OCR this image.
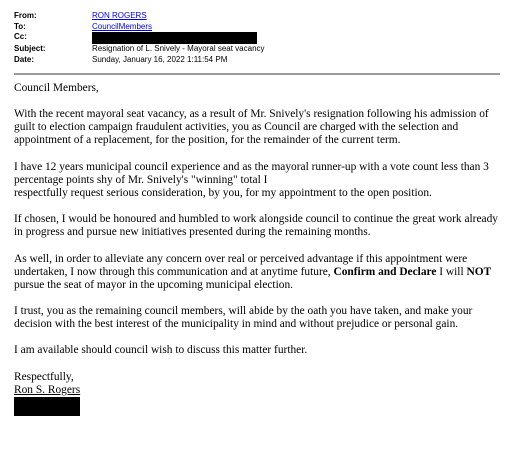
From:	RON ROGERS
To:	CouncilMembers
Cc:
Subject:	Resignation of L. Snively - Mayoral seat vacancy
Date:	Sunday, January 16, 2022 1:11:54 PM

Council Members,

With the recent mayoral seat vacancy, as a result of Mr. Snively's resignation following his admission of guilt to election campaign fraudulent activities, you as Council are charged with the selection and appointment of a replacement, for the position, for the remainder of the current term.

I have 12 years municipal council experience and as the mayoral runner-up with a vote count less than 3 percentage points shy of Mr. Snively's "winning" total I
respectfully request serious consideration, by you, for my appointment to the open position.

If chosen, I would be honoured and humbled to work alongside council to continue the great work already in progress and pursue new initiatives presented during the remaining months.

As well, in order to alleviate any concern over real or perceived advantage if this appointment were undertaken, I now through this communication and at anytime future, Confirm and Declare I will NOT pursue the seat of mayor in the upcoming municipal election.

I trust, you as the remaining council members, will abide by the oath you have taken, and make your decision with the best interest of the municipality in mind and without prejudice or personal gain.

I am available should council wish to discuss this matter further.

Respectfully,

Ron S. Rogers
